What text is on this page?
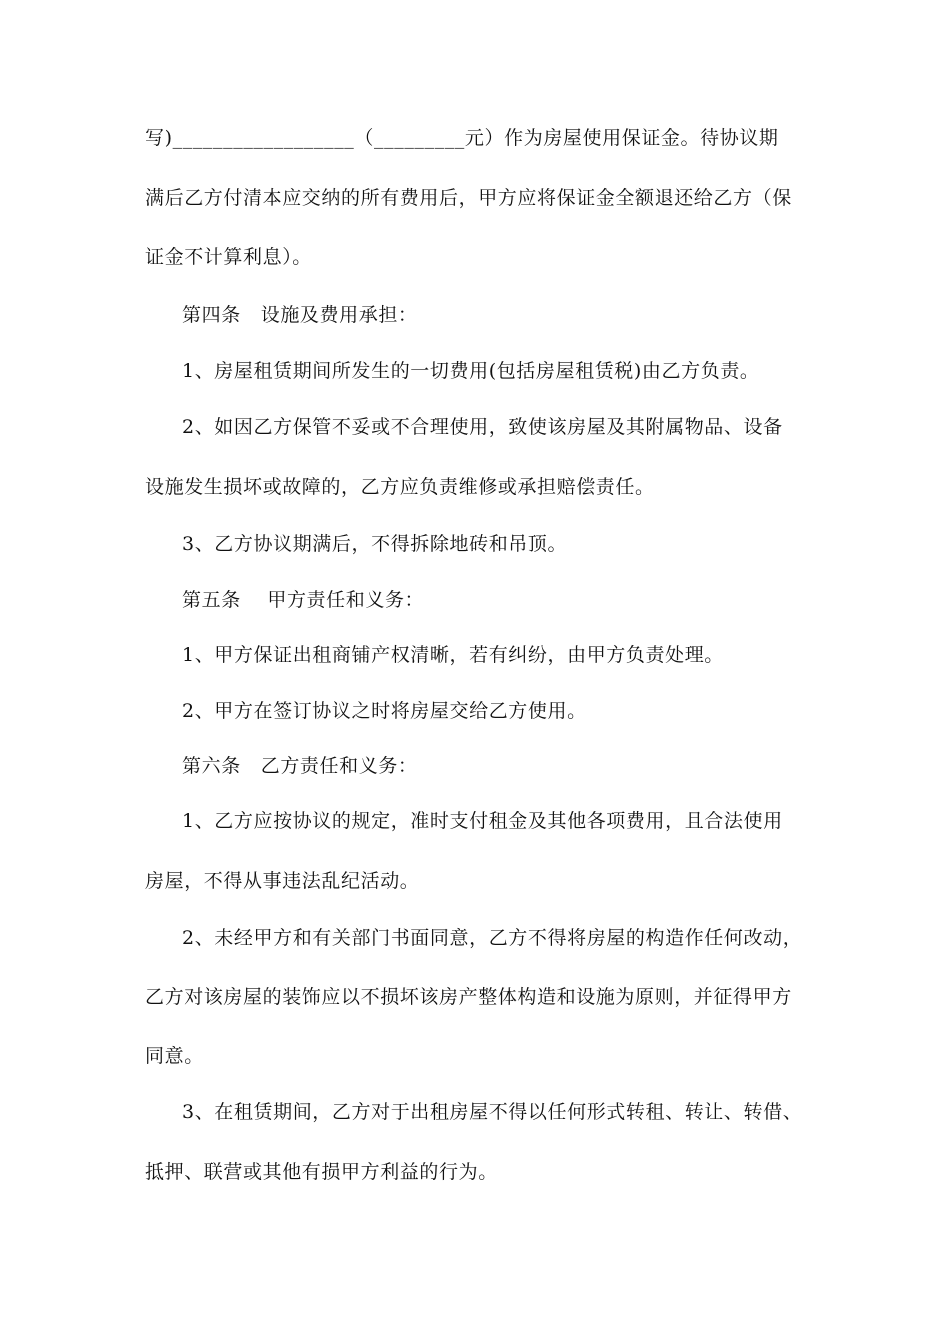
写)__________________（_________元）作为房屋使用保证金。待协议期
满后乙方付清本应交纳的所有费用后，甲方应将保证金全额退还给乙方（保
证金不计算利息）。
第四条   设施及费用承担：
1、房屋租赁期间所发生的一切费用(包括房屋租赁税)由乙方负责。
2、如因乙方保管不妥或不合理使用，致使该房屋及其附属物品、设备
设施发生损坏或故障的，乙方应负责维修或承担赔偿责任。
3、乙方协议期满后，不得拆除地砖和吊顶。
第五条    甲方责任和义务：
1、甲方保证出租商铺产权清晰，若有纠纷，由甲方负责处理。
2、甲方在签订协议之时将房屋交给乙方使用。
第六条   乙方责任和义务：
1、乙方应按协议的规定，准时支付租金及其他各项费用，且合法使用
房屋，不得从事违法乱纪活动。
2、未经甲方和有关部门书面同意，乙方不得将房屋的构造作任何改动，
乙方对该房屋的装饰应以不损坏该房产整体构造和设施为原则，并征得甲方
同意。
3、在租赁期间，乙方对于出租房屋不得以任何形式转租、转让、转借、
抵押、联营或其他有损甲方利益的行为。
